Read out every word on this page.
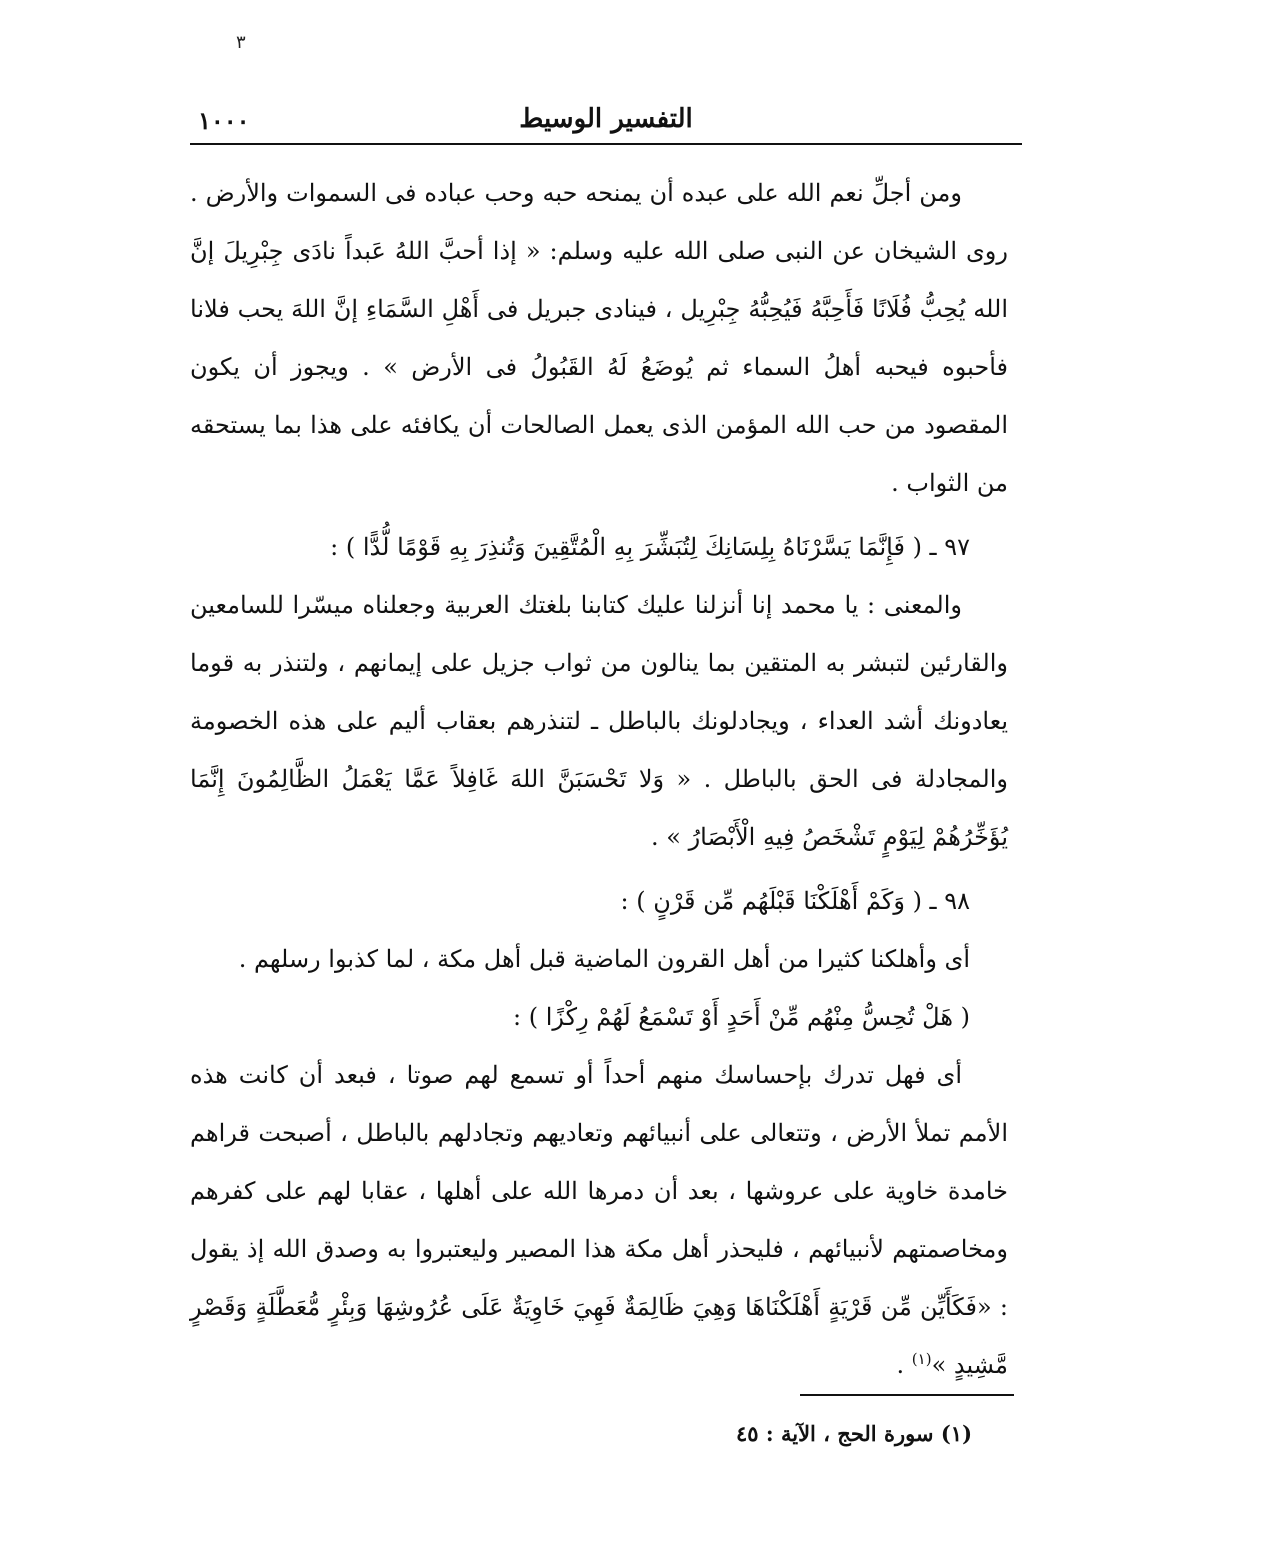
٣
التفسير الوسيط
١٠٠٠

ومن أجلِّ نعم الله على عبده أن يمنحه حبه وحب عباده فى السموات والأرض . روى الشيخان عن النبى صلى الله عليه وسلم: « إذا أحبَّ اللهُ عَبداً نادَى جِبْرِيلَ إنَّ الله يُحِبُّ فُلَانًا فَأَحِبَّهُ فَيُحِبُّهُ جِبْرِيل ، فينادى جبريل فى أَهْلِ السَّمَاءِ إنَّ اللهَ يحب فلانا فأحبوه فيحبه أهلُ السماء ثم يُوضَعُ لَهُ القَبُولُ فى الأرض » . ويجوز أن يكون المقصود من حب الله المؤمن الذى يعمل الصالحات أن يكافئه على هذا بما يستحقه من الثواب .

٩٧ ـ ( فَإِنَّمَا يَسَّرْنَاهُ بِلِسَانِكَ لِتُبَشِّرَ بِهِ الْمُتَّقِينَ وَتُنذِرَ بِهِ قَوْمًا لُّدًّا ) :

والمعنى : يا محمد إنا أنزلنا عليك كتابنا بلغتك العربية وجعلناه ميسّرا للسامعين والقارئين لتبشر به المتقين بما ينالون من ثواب جزيل على إيمانهم ، ولتنذر به قوما يعادونك أشد العداء ، ويجادلونك بالباطل ـ لتنذرهم بعقاب أليم على هذه الخصومة والمجادلة فى الحق بالباطل . « وَلا تَحْسَبَنَّ اللهَ غَافِلاً عَمَّا يَعْمَلُ الظَّالِمُونَ إِنَّمَا يُؤَخِّرُهُمْ لِيَوْمٍ تَشْخَصُ فِيهِ الْأَبْصَارُ » .

٩٨ ـ ( وَكَمْ أَهْلَكْنَا قَبْلَهُم مِّن قَرْنٍ ) :

أى وأهلكنا كثيرا من أهل القرون الماضية قبل أهل مكة ، لما كذبوا رسلهم .

( هَلْ تُحِسُّ مِنْهُم مِّنْ أَحَدٍ أَوْ تَسْمَعُ لَهُمْ رِكْزًا ) :

أى فهل تدرك بإحساسك منهم أحداً أو تسمع لهم صوتا ، فبعد أن كانت هذه الأمم تملأ الأرض ، وتتعالى على أنبيائهم وتعاديهم وتجادلهم بالباطل ، أصبحت قراهم خامدة خاوية على عروشها ، بعد أن دمرها الله على أهلها ، عقابا لهم على كفرهم ومخاصمتهم لأنبيائهم ، فليحذر أهل مكة هذا المصير وليعتبروا به وصدق الله إذ يقول : «فَكَأَيِّن مِّن قَرْيَةٍ أَهْلَكْنَاهَا وَهِيَ ظَالِمَةٌ فَهِيَ خَاوِيَةٌ عَلَى عُرُوشِهَا وَبِئْرٍ مُّعَطَّلَةٍ وَقَصْرٍ مَّشِيدٍ »$^{(١)}$ .

(١) سورة الحج ، الآية : ٤٥
